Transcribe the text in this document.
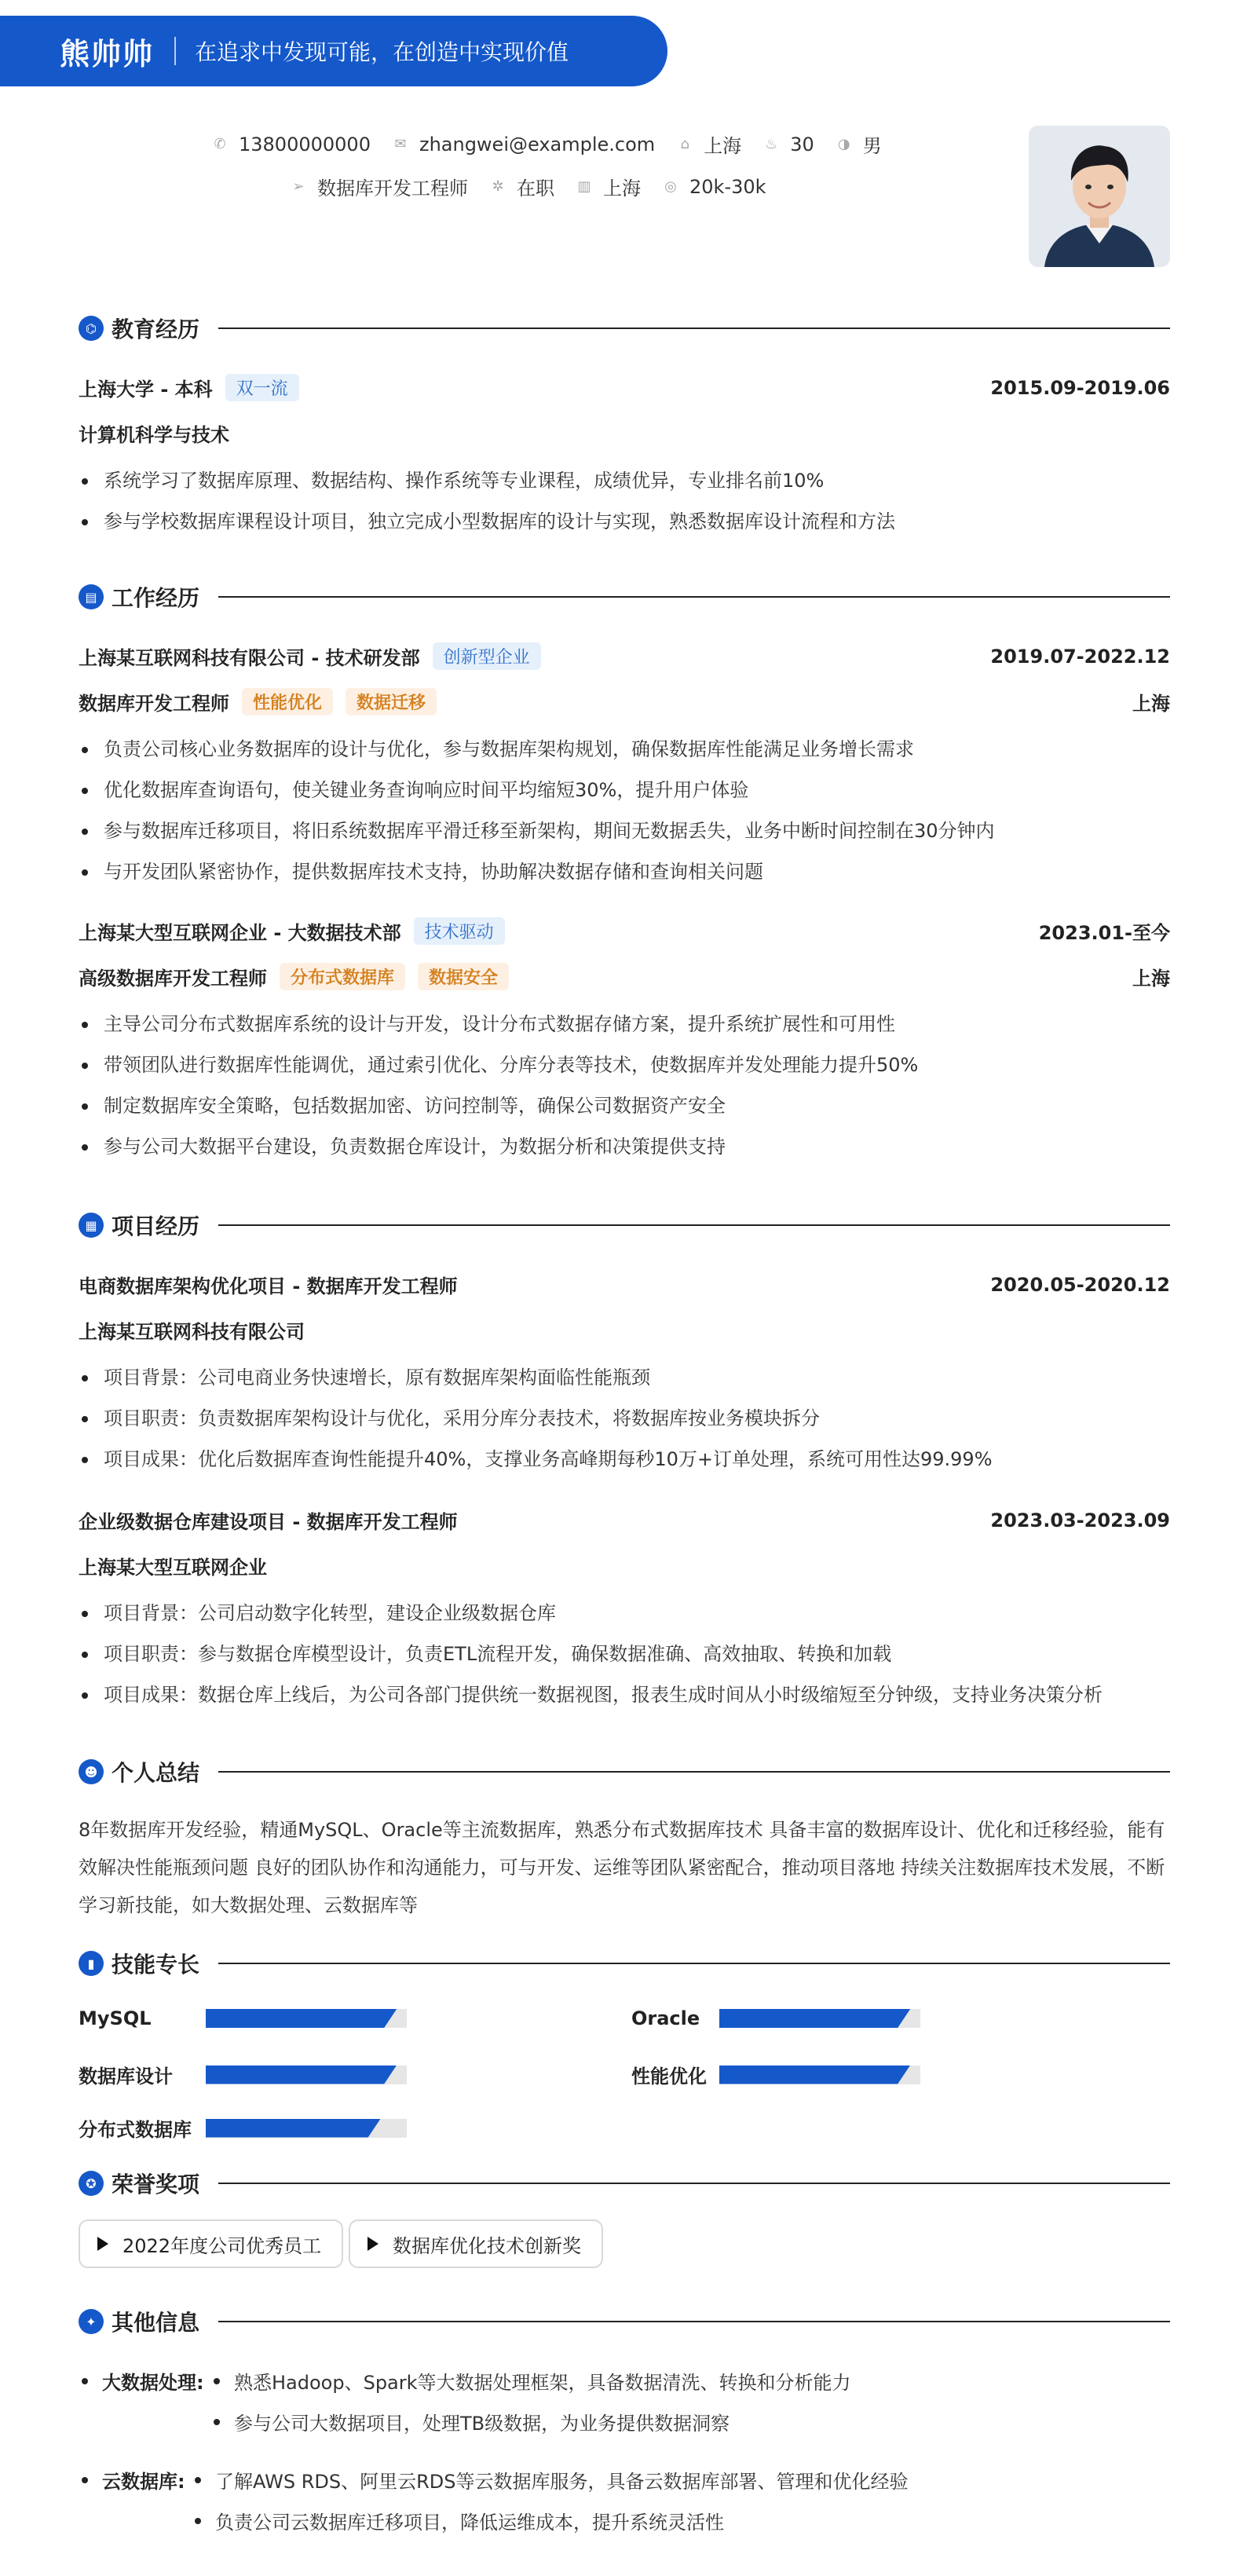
熊帅帅 在追求中发现可能，在创造中实现价值
✆ 13800000000 ✉ zhangwei@example.com	⌂ 上海 ♨ 30 ◑ 男
➢ 数据库开发工程师 ✲ 在职 ▥ 上海 ◎ 20k-30k
⌬ 教育经历
上海大学 - 本科	双一流	2015.09-2019.06
计算机科学与技术
系统学习了数据库原理、数据结构、操作系统等专业课程，成绩优异，专业排名前10%
参与学校数据库课程设计项目，独立完成小型数据库的设计与实现，熟悉数据库设计流程和方法
▤ 工作经历
上海某互联网科技有限公司 - 技术研发部	创新型企业	2019.07-2022.12
数据库开发工程师	性能优化	数据迁移	上海
负责公司核心业务数据库的设计与优化，参与数据库架构规划，确保数据库性能满足业务增长需求
优化数据库查询语句，使关键业务查询响应时间平均缩短30%，提升用户体验
参与数据库迁移项目，将旧系统数据库平滑迁移至新架构，期间无数据丢失，业务中断时间控制在30分钟内
与开发团队紧密协作，提供数据库技术支持，协助解决数据存储和查询相关问题
上海某大型互联网企业 - 大数据技术部	技术驱动	2023.01-至今
高级数据库开发工程师	分布式数据库	数据安全	上海
主导公司分布式数据库系统的设计与开发，设计分布式数据存储方案，提升系统扩展性和可用性
带领团队进行数据库性能调优，通过索引优化、分库分表等技术，使数据库并发处理能力提升50%
制定数据库安全策略，包括数据加密、访问控制等，确保公司数据资产安全
参与公司大数据平台建设，负责数据仓库设计，为数据分析和决策提供支持
▦ 项目经历
电商数据库架构优化项目 - 数据库开发工程师	2020.05-2020.12
上海某互联网科技有限公司
项目背景：公司电商业务快速增长，原有数据库架构面临性能瓶颈
项目职责：负责数据库架构设计与优化，采用分库分表技术，将数据库按业务模块拆分
项目成果：优化后数据库查询性能提升40%，支撑业务高峰期每秒10万+订单处理，系统可用性达99.99%
企业级数据仓库建设项目 - 数据库开发工程师	2023.03-2023.09
上海某大型互联网企业
项目背景：公司启动数字化转型，建设企业级数据仓库
项目职责：参与数据仓库模型设计，负责ETL流程开发，确保数据准确、高效抽取、转换和加载
项目成果：数据仓库上线后，为公司各部门提供统一数据视图，报表生成时间从小时级缩短至分钟级，支持业务决策分析
☻ 个人总结
8年数据库开发经验，精通MySQL、Oracle等主流数据库，熟悉分布式数据库技术 具备丰富的数据库设计、优化和迁移经验，能有
效解决性能瓶颈问题 良好的团队协作和沟通能力，可与开发、运维等团队紧密配合，推动项目落地 持续关注数据库技术发展，不断
学习新技能，如大数据处理、云数据库等
▮ 技能专长
MySQL	Oracle
数据库设计	性能优化
分布式数据库
✪ 荣誉奖项
2022年度公司优秀员工	数据库优化技术创新奖
✦ 其他信息
大数据处理:	熟悉Hadoop、Spark等大数据处理框架，具备数据清洗、转换和分析能力
参与公司大数据项目，处理TB级数据，为业务提供数据洞察
云数据库:	了解AWS RDS、阿里云RDS等云数据库服务，具备云数据库部署、管理和优化经验
负责公司云数据库迁移项目，降低运维成本，提升系统灵活性
